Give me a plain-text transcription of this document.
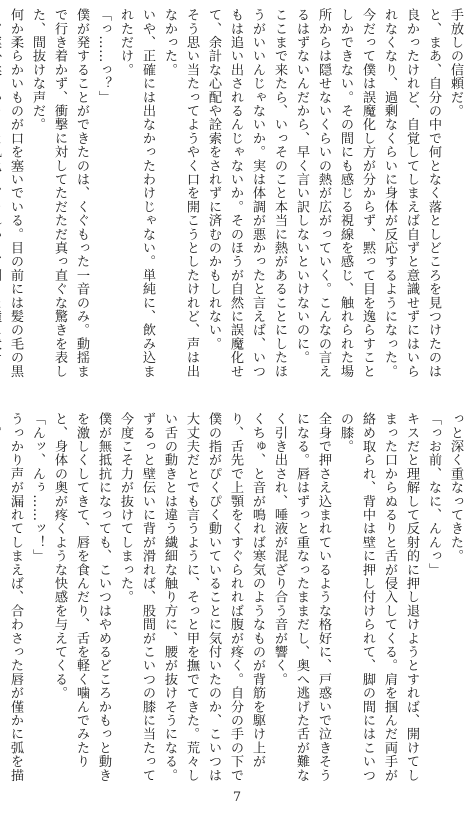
手放しの信頼だ。
と、まあ、自分の中で何となく落としどころを見つけたのは良かったけれど、自覚してしまえば自ずと意識せずにはいられなくなり、過剰なくらいに身体が反応するようになった。
今だって僕は誤魔化し方が分からず、黙って目を逸らすことしかできない。その間にも感じる視線を感じ、触れられた場所からは隠せないくらいの熱が広がっていく。こんなの言えるはずないんだから、早く言い訳しないといけないのに。
ここまで来たら、いっそのこと本当に熱があることにしたほうがいいんじゃないか。実は体調が悪かったと言えば、いつもは追い出されるんじゃないか。そのほうが自然に誤魔化せて、余計な心配や詮索をされずに済むのかもしれない。
そう思い当たってようやく口を開こうとしたけれど、声は出なかった。
いや、正確には出なかったわけじゃない。単純に、飲み込まれただけ。
「っ……っ？」
僕が発することができたのは、くぐもった一音のみ。動揺まで行き着かず、衝撃に対してただただ真っ直ぐな驚きを表した、間抜けな声だ。
何か柔らかいものが口を塞いでいる。目の前には髪の毛の黒

っと深く重なってきた。
「っお前、なに、んんっ」
キスだと理解して反射的に押し退けようとすれば、開けてしまった口からぬるりと舌が侵入してくる。肩を掴んだ両手が絡め取られ、背中は壁に押し付けられて、脚の間にはこいつの膝。
全身で押さえ込まれているような格好に、戸惑いで泣きそうになる。唇はずっと重なったままだし、奥へ逃げた舌が難なく引き出され、唾液が混ざり合う音が響く。
くちゅ、と音が鳴れば寒気のようなものが背筋を駆け上がり、舌先で上顎をくすぐられれば腹が疼く。自分の手の下で僕の指がぴくぴく動いていることに気付いたのか、こいつは大丈夫だとでも言うように、そっと甲を撫でてきた。荒々しい舌の動きとは違う繊細な触り方に、腰が抜けそうになる。ずるっと壁伝いに背が滑れば、股間がこいつの膝に当たって今度こそ力が抜けてしまった。
僕が無抵抗になっても、こいつはやめるどころかもっと動きを激しくしてきて、唇を食んだり、舌を軽く噛んでみたりと、身体の奥が疼くような快感を与えてくる。
「んッ、んぅ……ッ！」
うっかり声が漏れてしまえば、合わさった唇が僅かに弧を描

7
